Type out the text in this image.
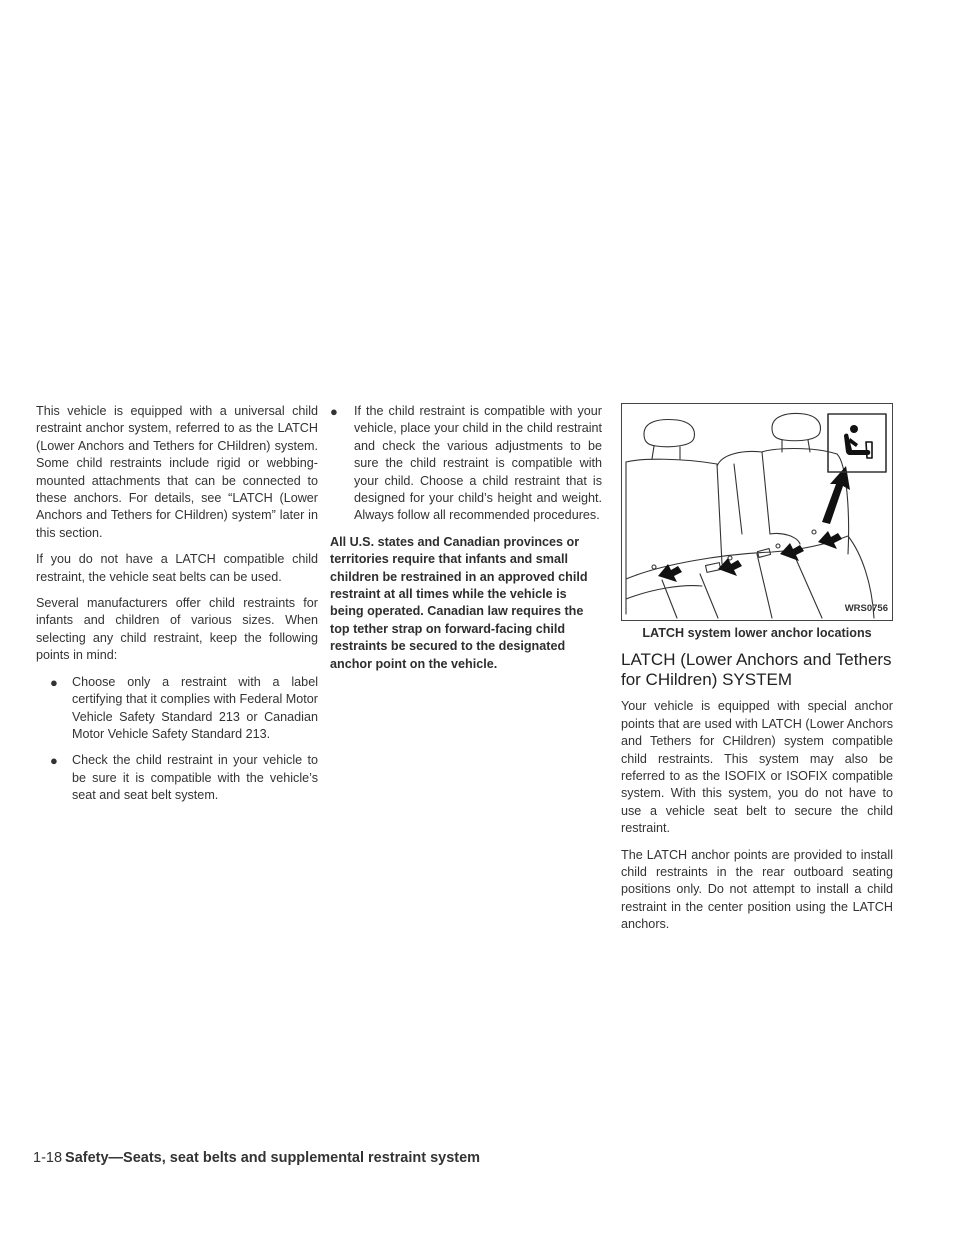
This vehicle is equipped with a universal child restraint anchor system, referred to as the LATCH (Lower Anchors and Tethers for CHildren) system. Some child restraints include rigid or webbing-mounted attachments that can be connected to these anchors. For details, see “LATCH (Lower Anchors and Tethers for CHildren) system” later in this section.

If you do not have a LATCH compatible child restraint, the vehicle seat belts can be used.

Several manufacturers offer child restraints for infants and children of various sizes. When selecting any child restraint, keep the following points in mind:

● Choose only a restraint with a label certifying that it complies with Federal Motor Vehicle Safety Standard 213 or Canadian Motor Vehicle Safety Standard 213.
● Check the child restraint in your vehicle to be sure it is compatible with the vehicle’s seat and seat belt system.
● If the child restraint is compatible with your vehicle, place your child in the child restraint and check the various adjustments to be sure the child restraint is compatible with your child. Choose a child restraint that is designed for your child’s height and weight. Always follow all recommended procedures.

All U.S. states and Canadian provinces or territories require that infants and small children be restrained in an approved child restraint at all times while the vehicle is being operated. Canadian law requires the top tether strap on forward-facing child restraints be secured to the designated anchor point on the vehicle.

WRS0756
LATCH system lower anchor locations
LATCH (Lower Anchors and Tethers for CHildren) SYSTEM

Your vehicle is equipped with special anchor points that are used with LATCH (Lower Anchors and Tethers for CHildren) system compatible child restraints. This system may also be referred to as the ISOFIX or ISOFIX compatible system. With this system, you do not have to use a vehicle seat belt to secure the child restraint.

The LATCH anchor points are provided to install child restraints in the rear outboard seating positions only. Do not attempt to install a child restraint in the center position using the LATCH anchors.

1-18 Safety—Seats, seat belts and supplemental restraint system
